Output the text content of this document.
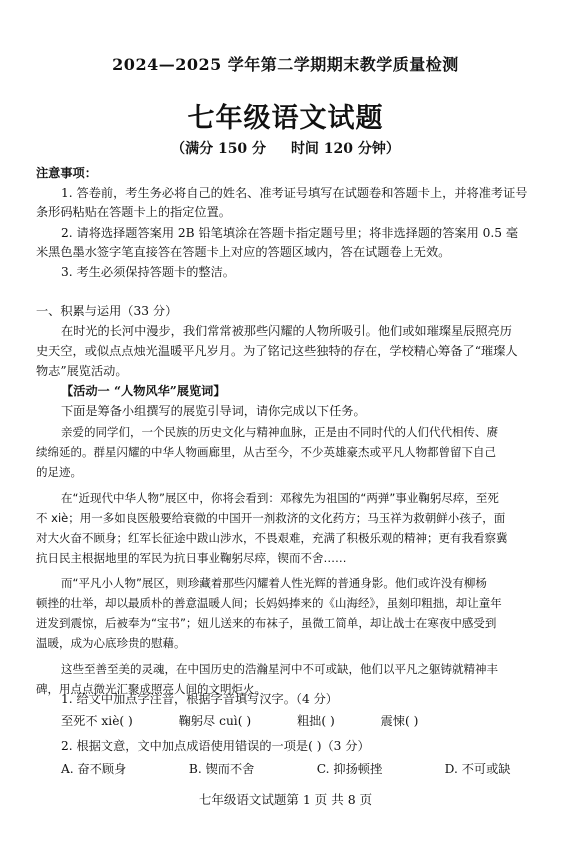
2024—2025 学年第二学期期末教学质量检测
七年级语文试题
（满分 150 分 时间 120 分钟）
注意事项：
1. 答卷前，考生务必将自己的姓名、准考证号填写在试题卷和答题卡上，并将准考证号
条形码粘贴在答题卡上的指定位置。
2. 请将选择题答案用 2B 铅笔填涂在答题卡指定题号里；将非选择题的答案用 0.5 毫
米黑色墨水签字笔直接答在答题卡上对应的答题区域内，答在试题卷上无效。
3. 考生必须保持答题卡的整洁。
一、积累与运用（33 分）
在时光的长河中漫步，我们常常被那些闪耀的人物所吸引。他们或如璀璨星辰照亮历
史天空，或似点点烛光温暖平凡岁月。为了铭记这些独特的存在，学校精心筹备了“璀璨人
物志”展览活动。
【活动一 “人物风华”展览词】
下面是筹备小组撰写的展览引导词，请你完成以下任务。
亲爱的同学们，一个民族的历史文化与精神血脉，正是由不同时代的人们代代相传、赓
续绵延的。群星闪耀的中华人物画廊里，从古至今，不少英雄豪杰或平凡人物都曾留下自己
的足迹。
在“近现代中华人物”展区中，你将会看到：邓稼先为祖国的“两弹”事业鞠躬尽瘁，至死
不 xiè；用一多如良医般要给衰微的中国开一剂救济的文化药方；马玉祥为救朝鲜小孩子，面
对大火奋不顾身；红军长征途中跋山涉水，不畏艰难，充满了积极乐观的精神；更有我看察冀
抗日民主根据地里的军民为抗日事业鞠躬尽瘁，锲而不舍……
而“平凡小人物”展区，则珍藏着那些闪耀着人性光辉的普通身影。他们或许没有柳杨
顿挫的壮举，却以最质朴的善意温暖人间；长妈妈捧来的《山海经》，虽刻印粗拙，却让童年
迸发到震惊，后被奉为“宝书”；妞儿送来的布袜子，虽微工简单，却让战士在寒夜中感受到
温暖，成为心底珍贵的慰藉。
这些至善至美的灵魂，在中国历史的浩瀚星河中不可或缺，他们以平凡之躯铸就精神丰
碑，用点点微光汇聚成照亮人间的文明炬火。
1. 给文中加点字注音，根据字音填写汉字。（4 分）
至死不 xiè( )	鞠躬尽 cuì( )	粗拙( )	震悚( )
2. 根据文意，文中加点成语使用错误的一项是( )（3 分）
A. 奋不顾身	B. 锲而不舍	C. 抑扬顿挫	D. 不可或缺
七年级语文试题第 1 页 共 8 页
